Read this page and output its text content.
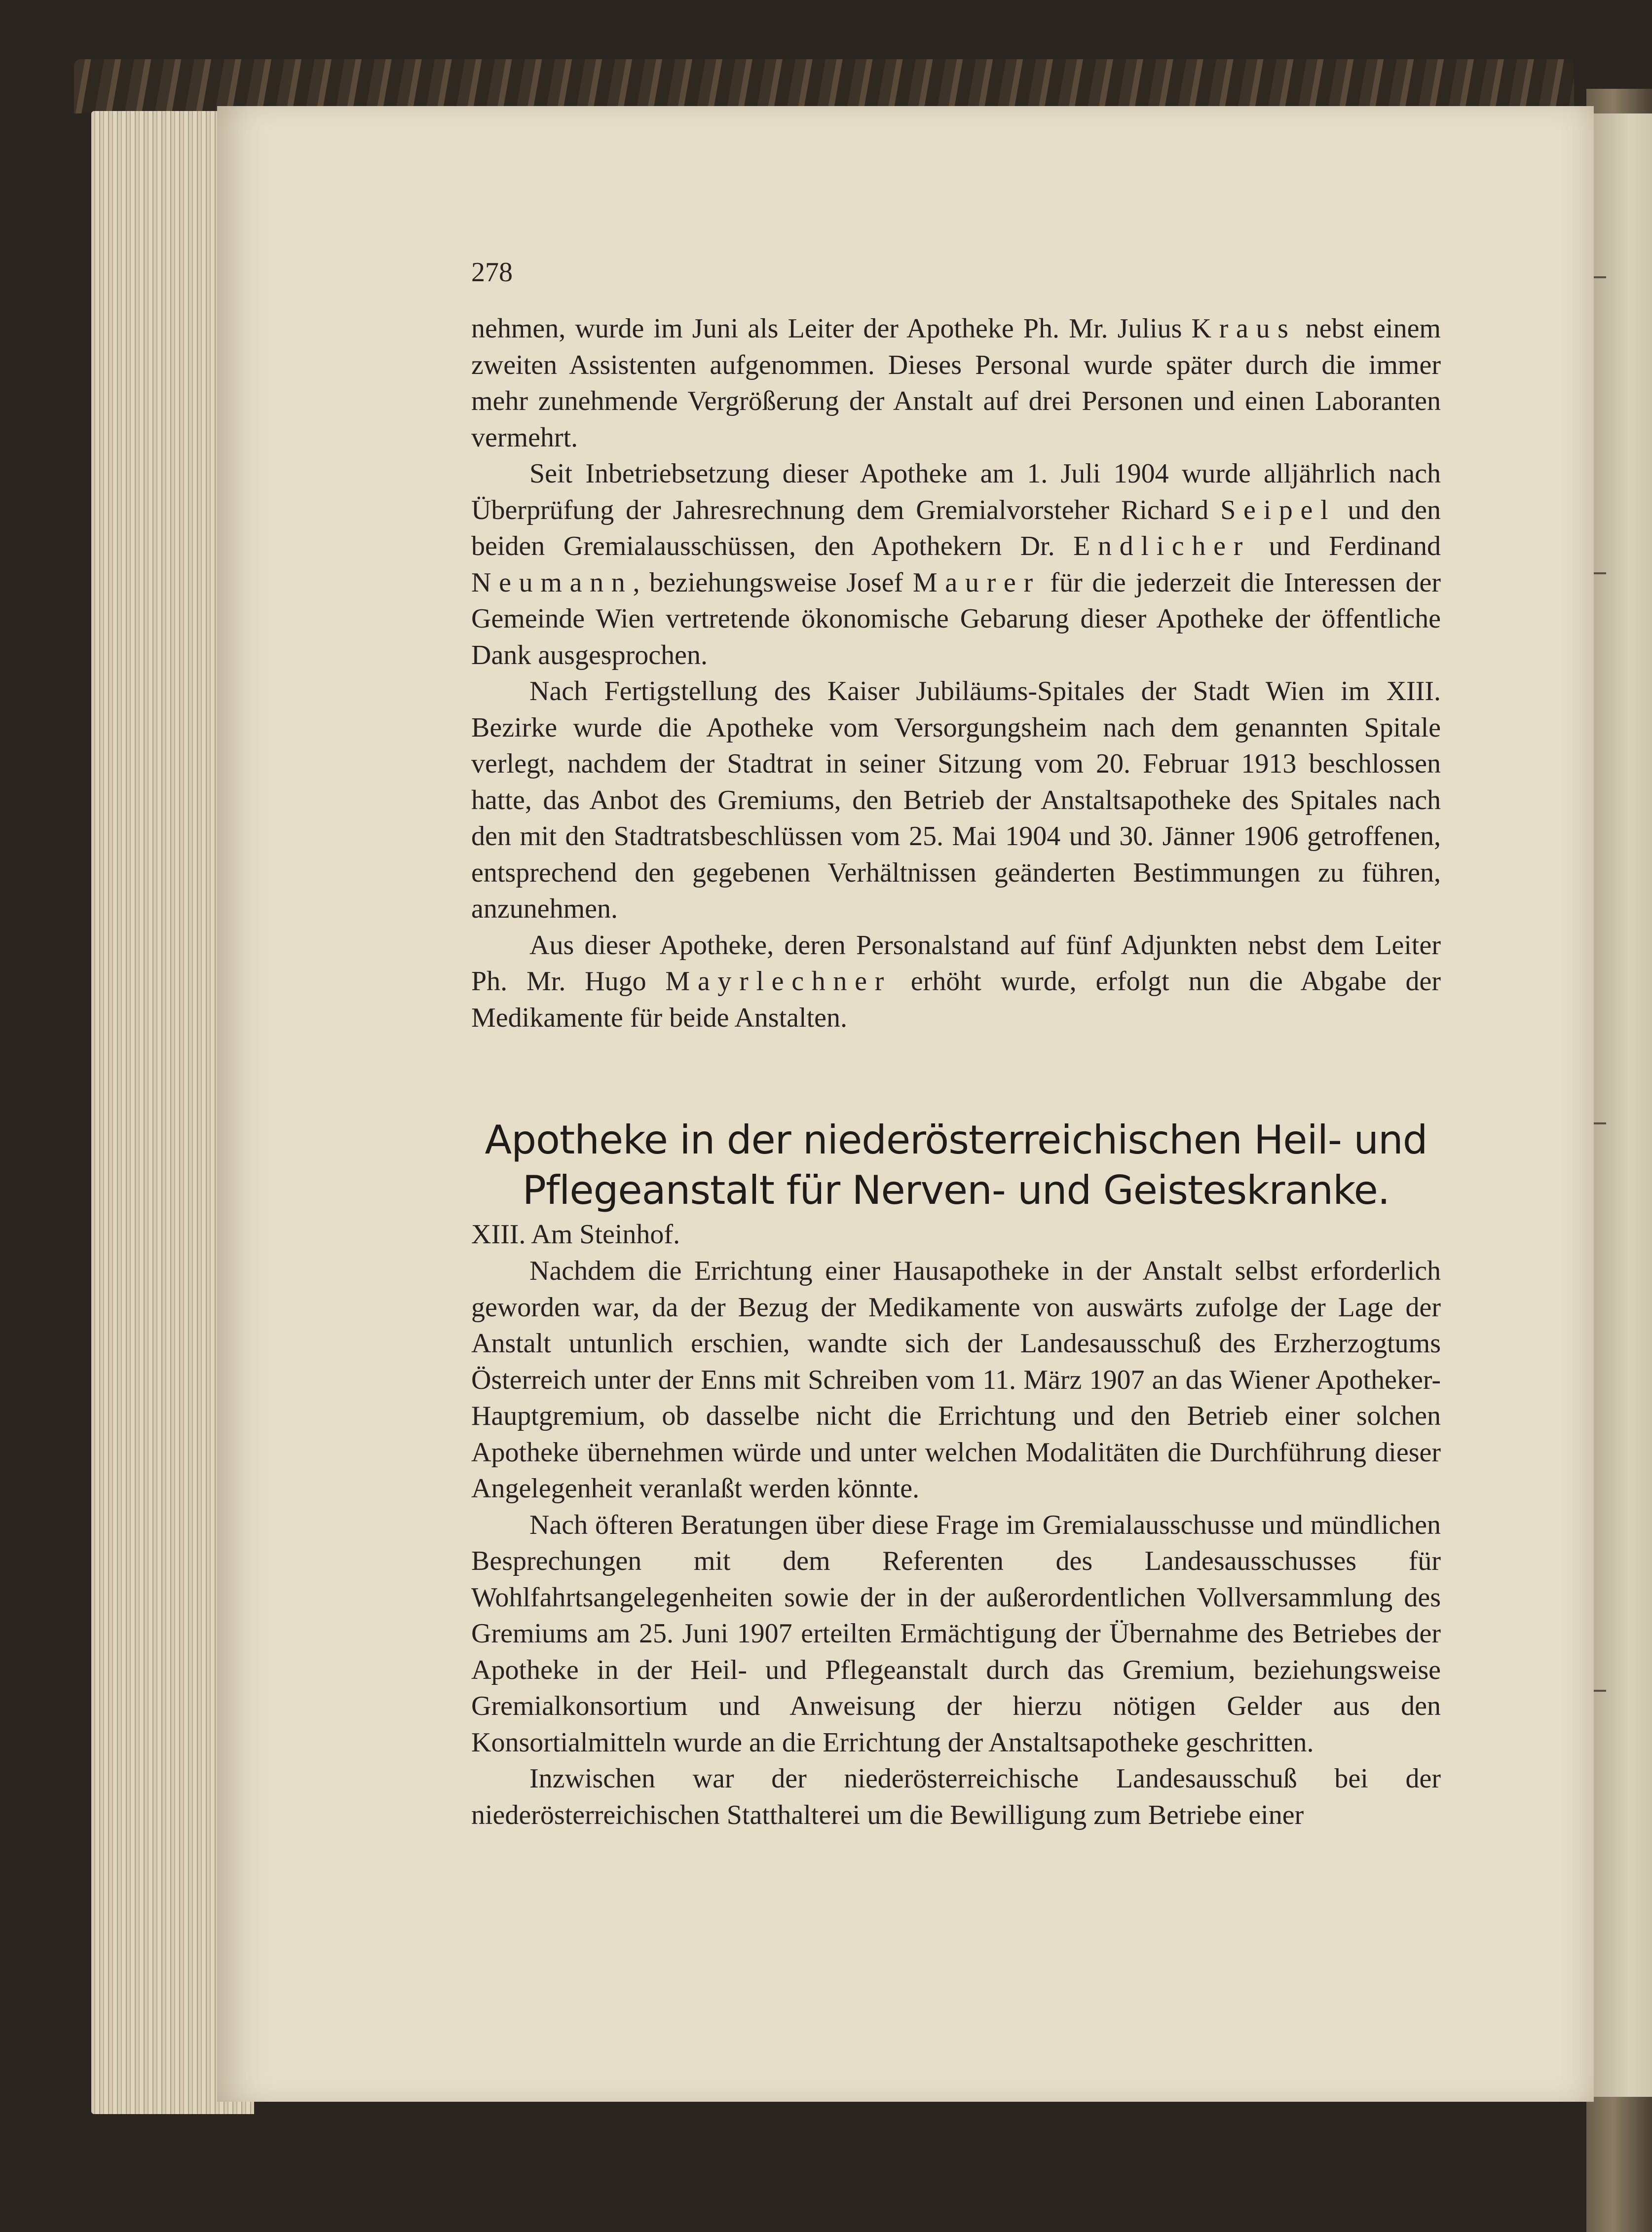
278

nehmen, wurde im Juni als Leiter der Apotheke Ph. Mr. Julius Kraus nebst einem zweiten Assistenten aufgenommen. Dieses Personal wurde später durch die immer mehr zunehmende Vergrößerung der Anstalt auf drei Personen und einen Laboranten vermehrt.

Seit Inbetriebsetzung dieser Apotheke am 1. Juli 1904 wurde alljährlich nach Überprüfung der Jahresrechnung dem Gremialvorsteher Richard Seipel und den beiden Gremialausschüssen, den Apothekern Dr. Endlicher und Ferdinand Neumann, beziehungsweise Josef Maurer für die jederzeit die Interessen der Gemeinde Wien vertretende ökonomische Gebarung dieser Apotheke der öffentliche Dank ausgesprochen.

Nach Fertigstellung des Kaiser Jubiläums-Spitales der Stadt Wien im XIII. Bezirke wurde die Apotheke vom Versorgungsheim nach dem genannten Spitale verlegt, nachdem der Stadtrat in seiner Sitzung vom 20. Februar 1913 beschlossen hatte, das Anbot des Gremiums, den Betrieb der Anstaltsapotheke des Spitales nach den mit den Stadtratsbeschlüssen vom 25. Mai 1904 und 30. Jänner 1906 getroffenen, entsprechend den gegebenen Verhältnissen geänderten Bestimmungen zu führen, anzunehmen.

Aus dieser Apotheke, deren Personalstand auf fünf Adjunkten nebst dem Leiter Ph. Mr. Hugo Mayrlechner erhöht wurde, erfolgt nun die Abgabe der Medikamente für beide Anstalten.

Apotheke in der niederösterreichischen Heil- und
Pflegeanstalt für Nerven- und Geisteskranke.

XIII. Am Steinhof.

Nachdem die Errichtung einer Hausapotheke in der Anstalt selbst erforderlich geworden war, da der Bezug der Medikamente von auswärts zufolge der Lage der Anstalt untunlich erschien, wandte sich der Landesausschuß des Erzherzogtums Österreich unter der Enns mit Schreiben vom 11. März 1907 an das Wiener Apotheker-Hauptgremium, ob dasselbe nicht die Errichtung und den Betrieb einer solchen Apotheke übernehmen würde und unter welchen Modalitäten die Durchführung dieser Angelegenheit veranlaßt werden könnte.

Nach öfteren Beratungen über diese Frage im Gremialausschusse und mündlichen Besprechungen mit dem Referenten des Landesausschusses für Wohlfahrtsangelegenheiten sowie der in der außerordentlichen Vollversammlung des Gremiums am 25. Juni 1907 erteilten Ermächtigung der Übernahme des Betriebes der Apotheke in der Heil- und Pflegeanstalt durch das Gremium, beziehungsweise Gremialkonsortium und Anweisung der hierzu nötigen Gelder aus den Konsortialmitteln wurde an die Errichtung der Anstaltsapotheke geschritten.

Inzwischen war der niederösterreichische Landesausschuß bei der niederösterreichischen Statthalterei um die Bewilligung zum Betriebe einer
